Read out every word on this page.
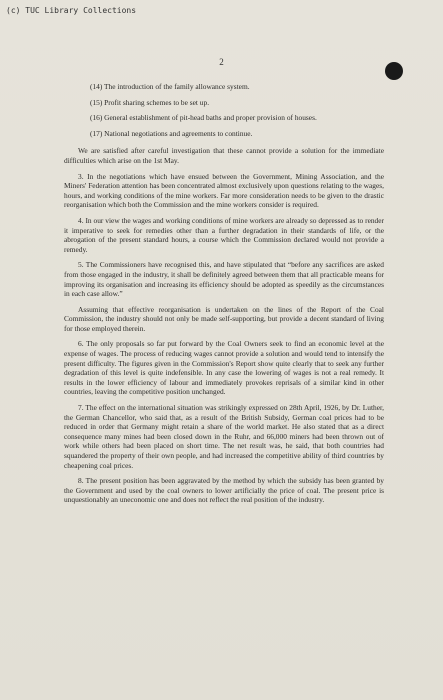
(c) TUC Library Collections
2

(14) The introduction of the family allowance system.

(15) Profit sharing schemes to be set up.

(16) General establishment of pit-head baths and proper provision of houses.

(17) National negotiations and agreements to continue.

We are satisfied after careful investigation that these cannot provide a solution for the immediate difficulties which arise on the 1st May.

3. In the negotiations which have ensued between the Government, Mining Association, and the Miners' Federation attention has been concentrated almost exclusively upon questions relating to the wages, hours, and working conditions of the mine workers. Far more consideration needs to be given to the drastic reorganisation which both the Commission and the mine workers consider is required.

4. In our view the wages and working conditions of mine workers are already so depressed as to render it imperative to seek for remedies other than a further degradation in their standards of life, or the abrogation of the present standard hours, a course which the Commission declared would not provide a remedy.

5. The Commissioners have recognised this, and have stipulated that “before any sacrifices are asked from those engaged in the industry, it shall be definitely agreed between them that all practicable means for improving its organisation and increasing its efficiency should be adopted as speedily as the circumstances in each case allow.”

Assuming that effective reorganisation is undertaken on the lines of the Report of the Coal Commission, the industry should not only be made self-supporting, but provide a decent standard of living for those employed therein.

6. The only proposals so far put forward by the Coal Owners seek to find an economic level at the expense of wages. The process of reducing wages cannot provide a solution and would tend to intensify the present difficulty. The figures given in the Commission's Report show quite clearly that to seek any further degradation of this level is quite indefensible. In any case the lowering of wages is not a real remedy. It results in the lower efficiency of labour and immediately provokes reprisals of a similar kind in other countries, leaving the competitive position unchanged.

7. The effect on the international situation was strikingly expressed on 28th April, 1926, by Dr. Luther, the German Chancellor, who said that, as a result of the British Subsidy, German coal prices had to be reduced in order that Germany might retain a share of the world market. He also stated that as a direct consequence many mines had been closed down in the Ruhr, and 66,000 miners had been thrown out of work while others had been placed on short time. The net result was, he said, that both countries had squandered the property of their own people, and had increased the competitive ability of third countries by cheapening coal prices.

8. The present position has been aggravated by the method by which the subsidy has been granted by the Government and used by the coal owners to lower artificially the price of coal. The present price is unquestionably an uneconomic one and does not reflect the real position of the industry.
